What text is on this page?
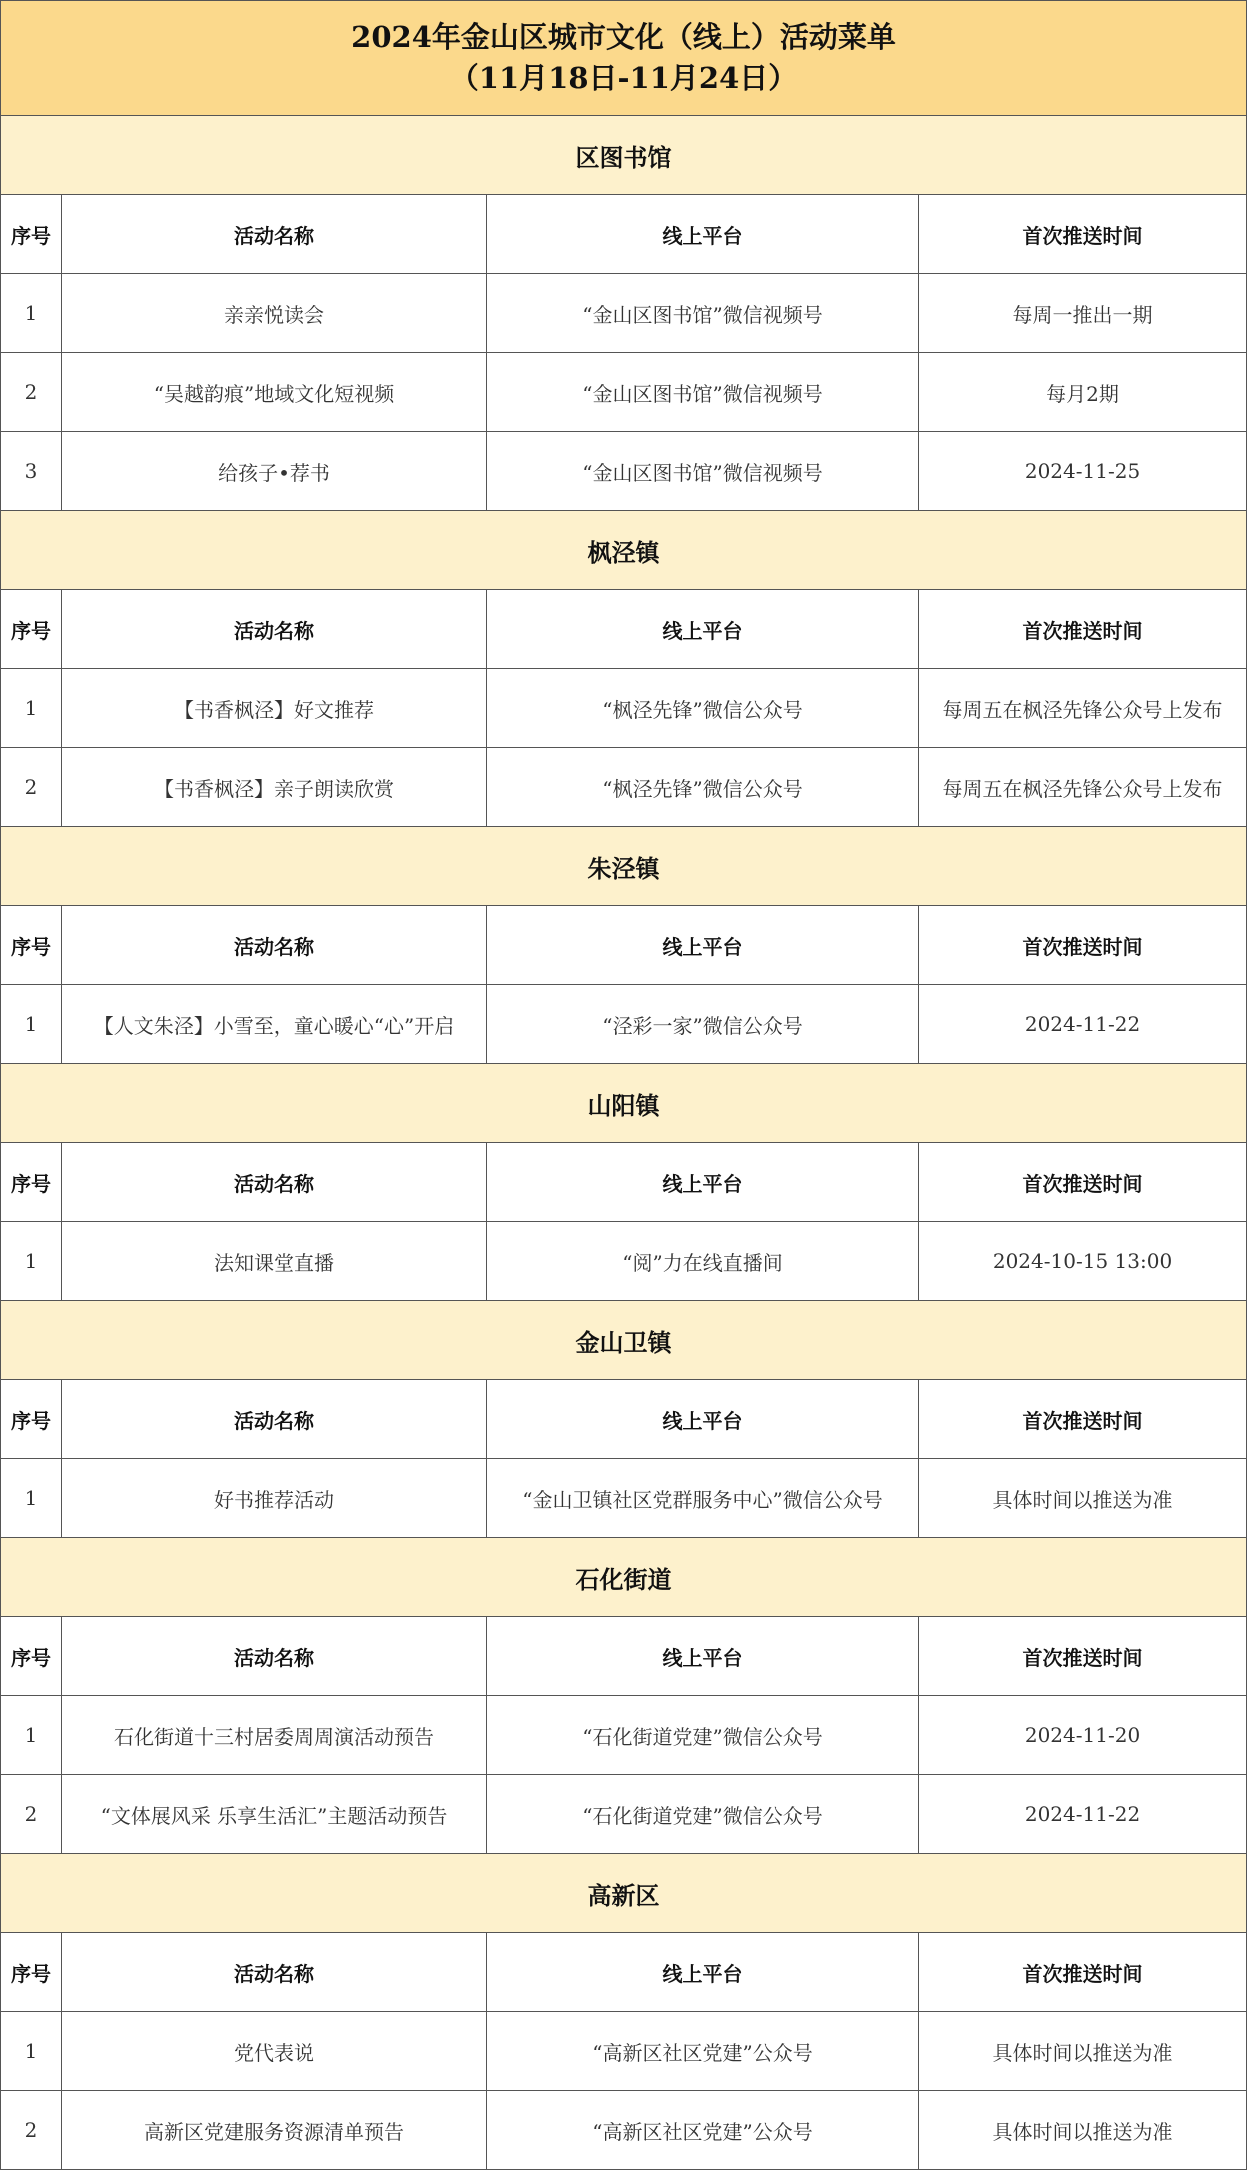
2024年金山区城市文化（线上）活动菜单
（11月18日-11月24日）			

区图书馆			
序号	活动名称	线上平台	首次推送时间
1	亲亲悦读会	“金山区图书馆”微信视频号	每周一推出一期
2	“吴越韵痕”地域文化短视频	“金山区图书馆”微信视频号	每月2期
3	给孩子•荐书	“金山区图书馆”微信视频号	2024-11-25
枫泾镇			
序号	活动名称	线上平台	首次推送时间
1	【书香枫泾】好文推荐	“枫泾先锋”微信公众号	每周五在枫泾先锋公众号上发布
2	【书香枫泾】亲子朗读欣赏	“枫泾先锋”微信公众号	每周五在枫泾先锋公众号上发布
朱泾镇			
序号	活动名称	线上平台	首次推送时间
1	【人文朱泾】小雪至，童心暖心“心”开启	“泾彩一家”微信公众号	2024-11-22
山阳镇			
序号	活动名称	线上平台	首次推送时间
1	法知课堂直播	“阅”力在线直播间	2024-10-15 13:00
金山卫镇			
序号	活动名称	线上平台	首次推送时间
1	好书推荐活动	“金山卫镇社区党群服务中心”微信公众号	具体时间以推送为准
石化街道			
序号	活动名称	线上平台	首次推送时间
1	石化街道十三村居委周周演活动预告	“石化街道党建”微信公众号	2024-11-20
2	“文体展风采 乐享生活汇”主题活动预告	“石化街道党建”微信公众号	2024-11-22
高新区			
序号	活动名称	线上平台	首次推送时间
1	党代表说	“高新区社区党建”公众号	具体时间以推送为准
2	高新区党建服务资源清单预告	“高新区社区党建”公众号	具体时间以推送为准
